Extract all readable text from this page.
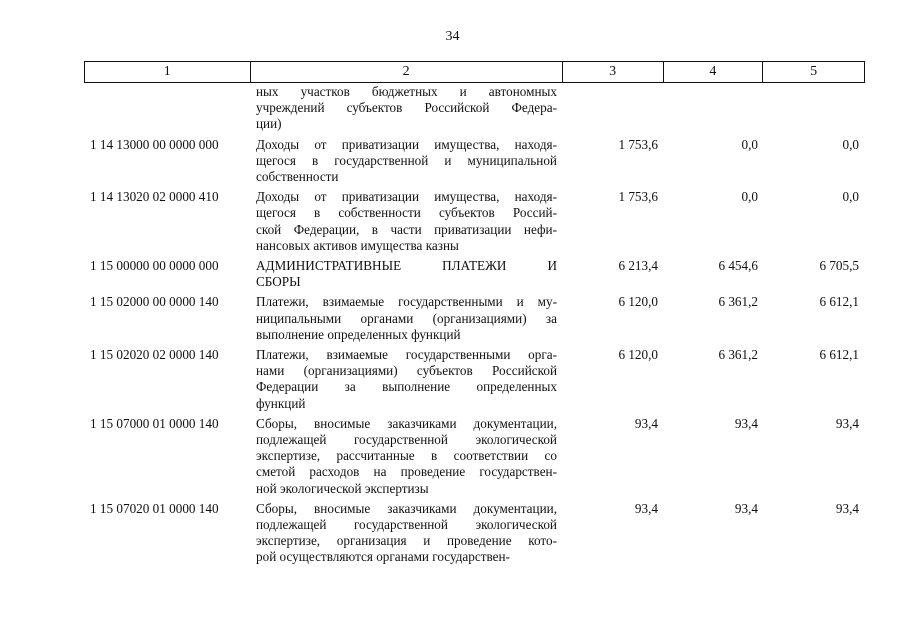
34
1	2	3	4	5
ных участков бюджетных и автономных
учреждений субъектов Российской Федера-
ции)
1 14 13000 00 0000 000	Доходы от приватизации имущества, находя-
щегося в государственной и муниципальной
собственности
1 753,6	0,0	0,0
1 14 13020 02 0000 410	Доходы от приватизации имущества, находя-
щегося в собственности субъектов Россий-
ской Федерации, в части приватизации нефи-
нансовых активов имущества казны
1 753,6	0,0	0,0
1 15 00000 00 0000 000	АДМИНИСТРАТИВНЫЕ ПЛАТЕЖИ И
СБОРЫ
6 213,4	6 454,6	6 705,5
1 15 02000 00 0000 140	Платежи, взимаемые государственными и му-
ниципальными органами (организациями) за
выполнение определенных функций
6 120,0	6 361,2	6 612,1
1 15 02020 02 0000 140	Платежи, взимаемые государственными орга-
нами (организациями) субъектов Российской
Федерации за выполнение определенных
функций
6 120,0	6 361,2	6 612,1
1 15 07000 01 0000 140	Сборы, вносимые заказчиками документации,
подлежащей государственной экологической
экспертизе, рассчитанные в соответствии со
сметой расходов на проведение государствен-
ной экологической экспертизы
93,4	93,4	93,4
1 15 07020 01 0000 140	Сборы, вносимые заказчиками документации,
подлежащей государственной экологической
экспертизе, организация и проведение кото-
рой осуществляются органами государствен-
93,4	93,4	93,4
